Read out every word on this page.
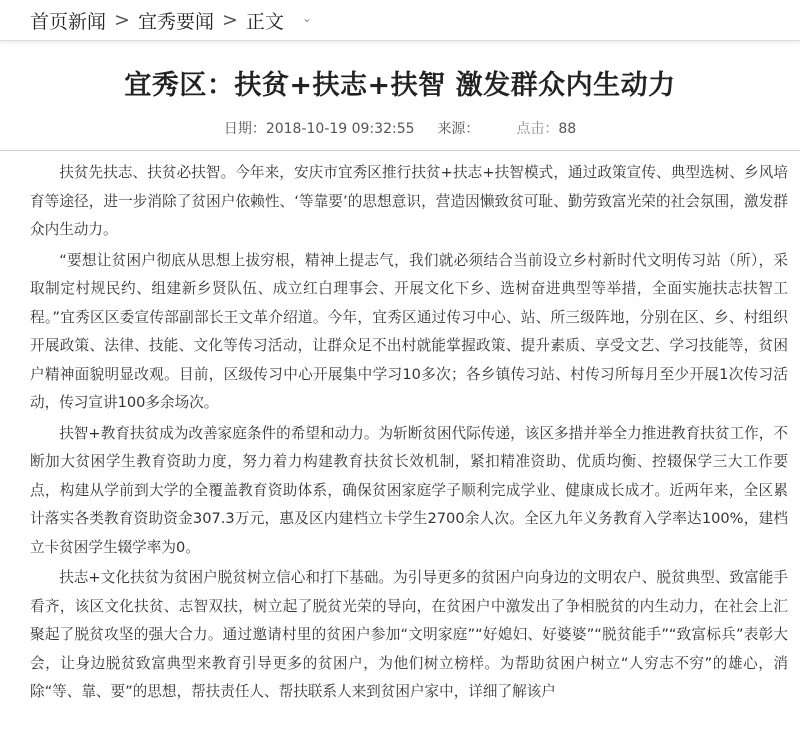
首页新闻 > 宜秀要闻 > 正文 ⌄
宜秀区：扶贫+扶志+扶智 激发群众内生动力
日期：2018-10-19 09:32:55 来源：	点击：88

扶贫先扶志、扶贫必扶智。今年来，安庆市宜秀区推行扶贫+扶志+扶智模式，通过政策宣传、典型选树、乡风培育等途径，进一步消除了贫困户依赖性、‘等靠要’的思想意识，营造因懒致贫可耻、勤劳致富光荣的社会氛围，激发群众内生动力。

“要想让贫困户彻底从思想上拔穷根，精神上提志气，我们就必须结合当前设立乡村新时代文明传习站（所），采取制定村规民约、组建新乡贤队伍、成立红白理事会、开展文化下乡、选树奋进典型等举措，全面实施扶志扶智工程。”宜秀区区委宣传部副部长王文革介绍道。今年，宜秀区通过传习中心、站、所三级阵地，分别在区、乡、村组织开展政策、法律、技能、文化等传习活动，让群众足不出村就能掌握政策、提升素质、享受文艺、学习技能等，贫困户精神面貌明显改观。目前，区级传习中心开展集中学习10多次；各乡镇传习站、村传习所每月至少开展1次传习活动，传习宣讲100多余场次。

扶智+教育扶贫成为改善家庭条件的希望和动力。为斩断贫困代际传递，该区多措并举全力推进教育扶贫工作，不断加大贫困学生教育资助力度，努力着力构建教育扶贫长效机制，紧扣精准资助、优质均衡、控辍保学三大工作要点，构建从学前到大学的全覆盖教育资助体系，确保贫困家庭学子顺利完成学业、健康成长成才。近两年来，全区累计落实各类教育资助资金307.3万元，惠及区内建档立卡学生2700余人次。全区九年义务教育入学率达100%，建档立卡贫困学生辍学率为0。

扶志+文化扶贫为贫困户脱贫树立信心和打下基础。为引导更多的贫困户向身边的文明农户、脱贫典型、致富能手看齐，该区文化扶贫、志智双扶，树立起了脱贫光荣的导向，在贫困户中激发出了争相脱贫的内生动力，在社会上汇聚起了脱贫攻坚的强大合力。通过邀请村里的贫困户参加“文明家庭”“好媳妇、好婆婆”“脱贫能手”“致富标兵”表彰大会，让身边脱贫致富典型来教育引导更多的贫困户，为他们树立榜样。为帮助贫困户树立“人穷志不穷”的雄心，消除“等、靠、要”的思想，帮扶责任人、帮扶联系人来到贫困户家中，详细了解该户
